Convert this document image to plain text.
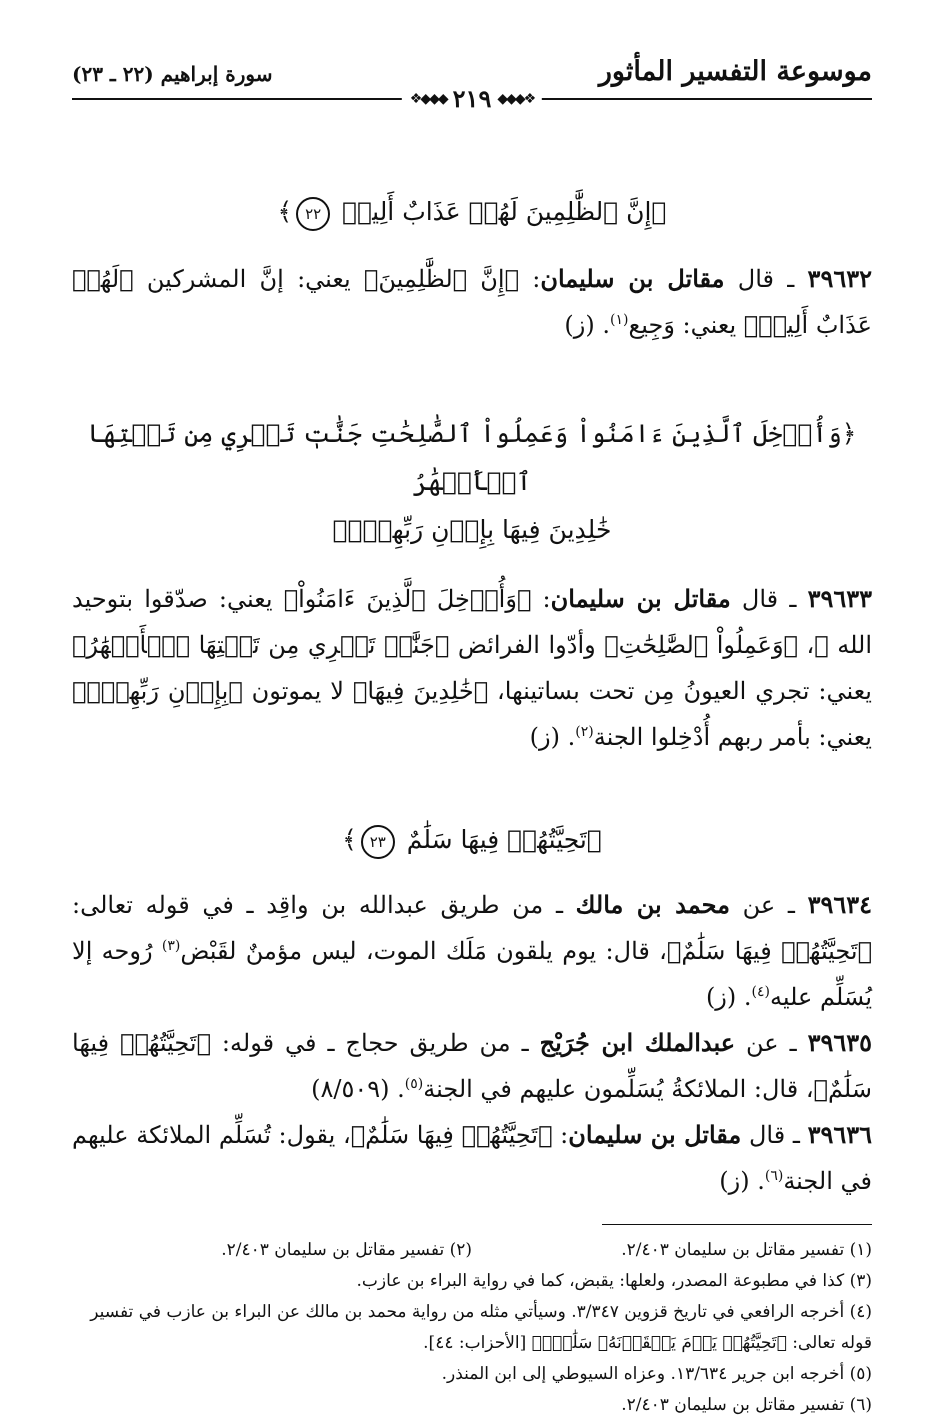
موسوعة التفسير المأثور
سورة إبراهيم (٢٢ ـ ٢٣)
❖◆◆◆ ٢١٩ ◆◆◆❖
﴿إِنَّ ٱلظَّٰلِمِينَ لَهُمۡ عَذَابٌ أَلِيمٞ ٢٢﴾
٣٩٦٣٢ ـ قال مقاتل بن سليمان: ﴿إِنَّ ٱلظَّٰلِمِينَ﴾ يعني: إنَّ المشركين ﴿لَهُمۡ عَذَابٌ أَلِيمٞ﴾ يعني: وَجِيع$^{(١)}$. (ز)
﴿وَأُدۡخِلَ ٱلَّذِينَ ءَامَنُواْ وَعَمِلُواْ ٱلصَّٰلِحَٰتِ جَنَّٰتٖ تَجۡرِي مِن تَحۡتِهَا ٱلۡأَنۡهَٰرُ
خَٰلِدِينَ فِيهَا بِإِذۡنِ رَبِّهِمۡۖ﴾
٣٩٦٣٣ ـ قال مقاتل بن سليمان: ﴿وَأُدۡخِلَ ٱلَّذِينَ ءَامَنُواْ﴾ يعني: صدّقوا بتوحيد الله ﷻ، ﴿وَعَمِلُواْ ٱلصَّٰلِحَٰتِ﴾ وأدّوا الفرائض ﴿جَنَّٰتٖ تَجۡرِي مِن تَحۡتِهَا ٱلۡأَنۡهَٰرُ﴾ يعني: تجري العيونُ مِن تحت بساتينها، ﴿خَٰلِدِينَ فِيهَا﴾ لا يموتون ﴿بِإِذۡنِ رَبِّهِمۡۖ﴾ يعني: بأمر ربهم أُدْخِلوا الجنة$^{(٢)}$. (ز)
﴿تَحِيَّتُهُمۡ فِيهَا سَلَٰمٌ ٢٣﴾
٣٩٦٣٤ ـ عن محمد بن مالك ـ من طريق عبدالله بن واقِد ـ في قوله تعالى: ﴿تَحِيَّتُهُمۡ فِيهَا سَلَٰمٌ﴾، قال: يوم يلقون مَلَك الموت، ليس مؤمنٌ لقَبْض$^{(٣)}$ رُوحه إلا يُسَلِّم عليه$^{(٤)}$. (ز)
٣٩٦٣٥ ـ عن عبدالملك ابن جُرَيْج ـ من طريق حجاج ـ في قوله: ﴿تَحِيَّتُهُمۡ فِيهَا سَلَٰمٌ﴾، قال: الملائكةُ يُسَلِّمون عليهم في الجنة$^{(٥)}$. (٨/٥٠٩)
٣٩٦٣٦ ـ قال مقاتل بن سليمان: ﴿تَحِيَّتُهُمۡ فِيهَا سَلَٰمٌ﴾، يقول: تُسَلِّم الملائكة عليهم في الجنة$^{(٦)}$. (ز)
(١) تفسير مقاتل بن سليمان ٢/٤٠٣.
(٢) تفسير مقاتل بن سليمان ٢/٤٠٣.
(٣) كذا في مطبوعة المصدر، ولعلها: يقبض، كما في رواية البراء بن عازب.
(٤) أخرجه الرافعي في تاريخ قزوين ٣/٣٤٧. وسيأتي مثله من رواية محمد بن مالك عن البراء بن عازب في تفسير قوله تعالى: ﴿تَحِيَّتُهُمۡ يَوۡمَ يَلۡقَوۡنَهُۥ سَلَٰمٞۚ﴾ [الأحزاب: ٤٤].
(٥) أخرجه ابن جرير ١٣/٦٣٤. وعزاه السيوطي إلى ابن المنذر.
(٦) تفسير مقاتل بن سليمان ٢/٤٠٣.
